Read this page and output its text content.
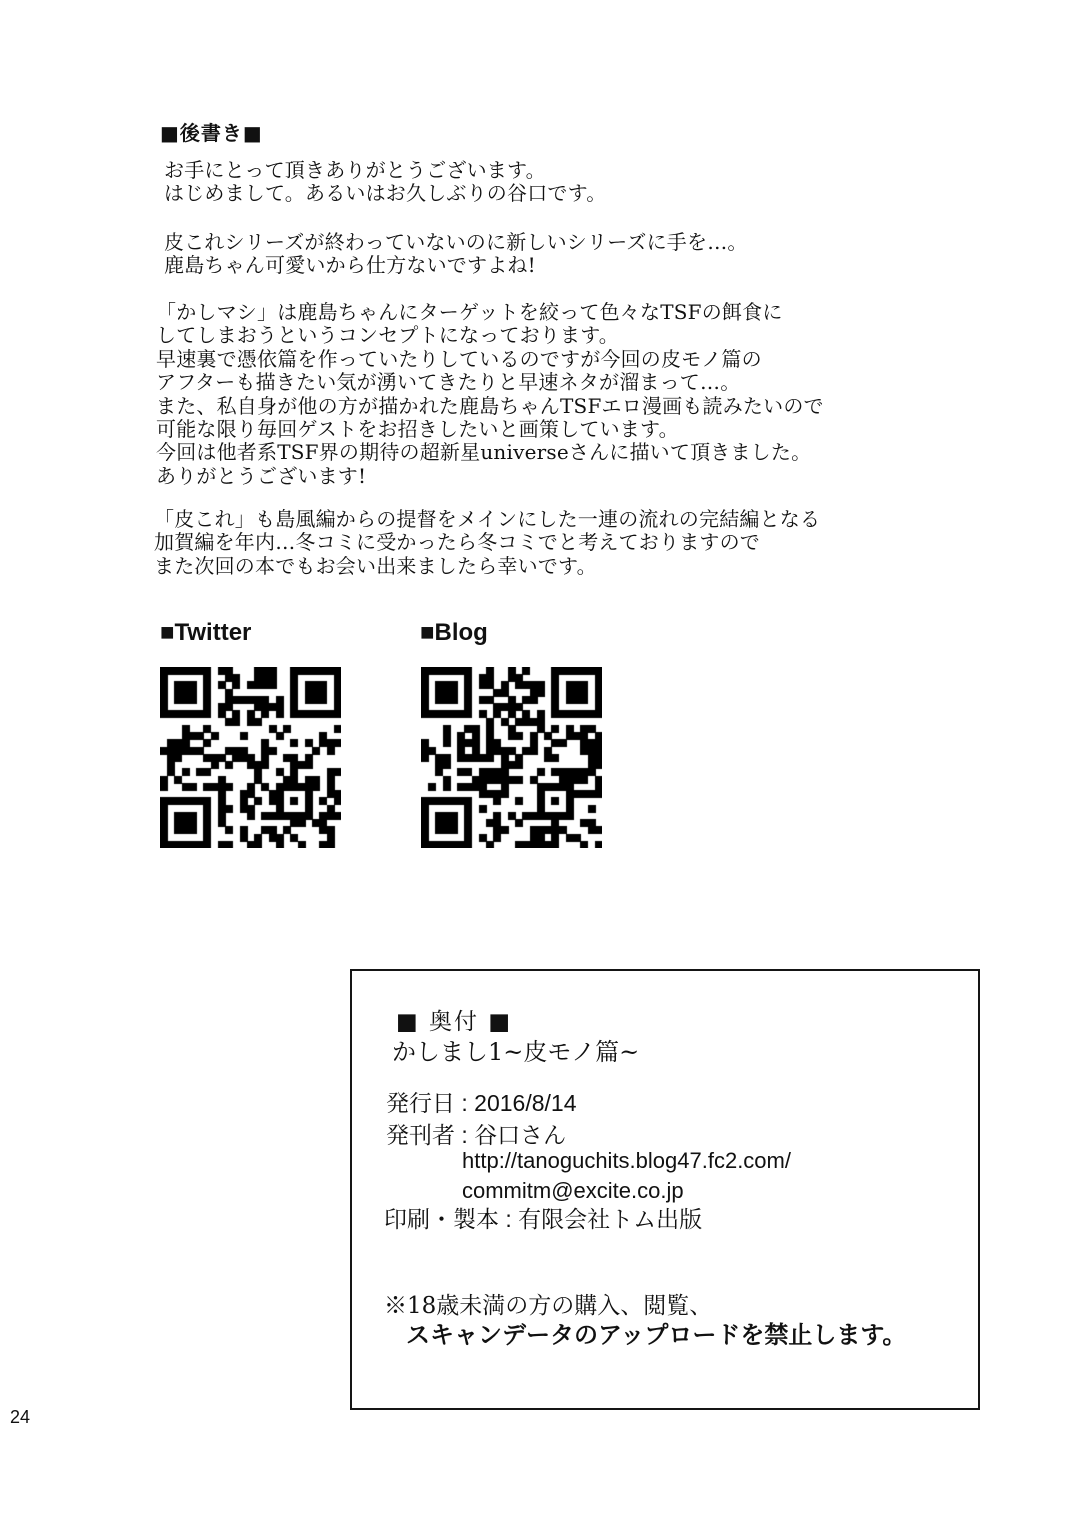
■後書き■
お手にとって頂きありがとうございます。
はじめまして。あるいはお久しぶりの谷口です。
皮これシリーズが終わっていないのに新しいシリーズに手を…。
鹿島ちゃん可愛いから仕方ないですよね!
「かしマシ」は鹿島ちゃんにターゲットを絞って色々なTSFの餌食に
してしまおうというコンセプトになっております。
早速裏で憑依篇を作っていたりしているのですが今回の皮モノ篇の
アフターも描きたい気が湧いてきたりと早速ネタが溜まって…。
また、私自身が他の方が描かれた鹿島ちゃんTSFエロ漫画も読みたいので
可能な限り毎回ゲストをお招きしたいと画策しています。
今回は他者系TSF界の期待の超新星universeさんに描いて頂きました。
ありがとうございます!
「皮これ」も島風編からの提督をメインにした一連の流れの完結編となる
加賀編を年内…冬コミに受かったら冬コミでと考えておりますので
また次回の本でもお会い出来ましたら幸いです。
■Twitter	■Blog
■ 奥付 ■
かしまし1~皮モノ篇~
発行日 : 2016/8/14
発刊者 : 谷口さん
http://tanoguchits.blog47.fc2.com/
commitm@excite.co.jp
印刷・製本 : 有限会社トム出版
※18歳未満の方の購入、閲覧、
スキャンデータのアップロードを禁止します。
24
